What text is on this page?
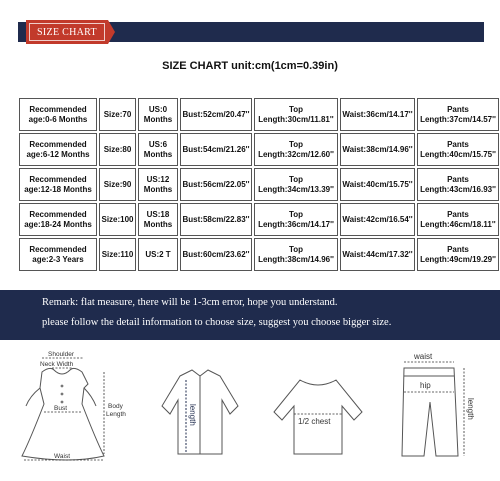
SIZE CHART
SIZE CHART unit:cm(1cm=0.39in)
Recommended age:0-6 Months	Size:70	US:0 Months	Bust:52cm/20.47''	Top Length:30cm/11.81''	Waist:36cm/14.17''	Pants Length:37cm/14.57''
Recommended age:6-12 Months	Size:80	US:6 Months	Bust:54cm/21.26''	Top Length:32cm/12.60''	Waist:38cm/14.96''	Pants Length:40cm/15.75''
Recommended age:12-18 Months	Size:90	US:12 Months	Bust:56cm/22.05''	Top Length:34cm/13.39''	Waist:40cm/15.75''	Pants Length:43cm/16.93''
Recommended age:18-24 Months	Size:100	US:18 Months	Bust:58cm/22.83''	Top Length:36cm/14.17''	Waist:42cm/16.54''	Pants Length:46cm/18.11''
Recommended age:2-3 Years	Size:110	US:2 T	Bust:60cm/23.62''	Top Length:38cm/14.96''	Waist:44cm/17.32''	Pants Length:49cm/19.29''
Remark: flat measure, there will be 1-3cm error, hope you understand.
please follow the detail information to choose size, suggest you choose bigger size.
Shoulder
Neck Width
Bust
Waist
Body
Length	length	1/2 chest
waist
hip
length
